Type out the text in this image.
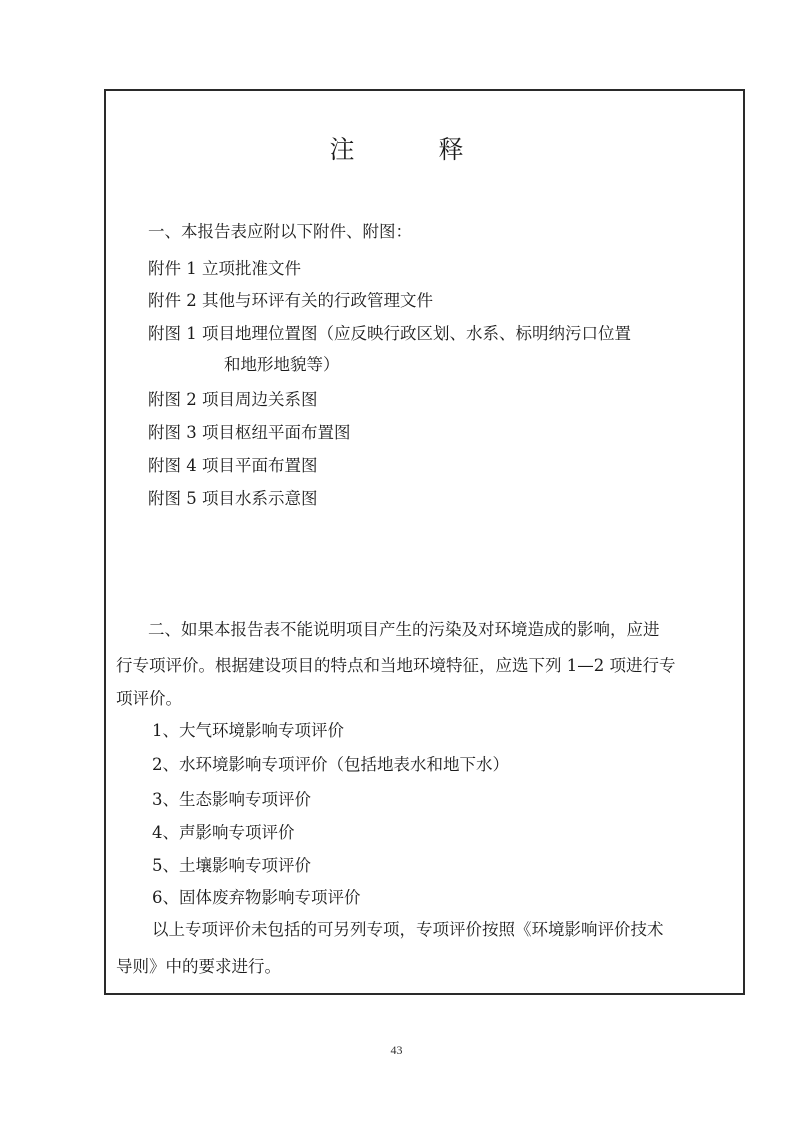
注	释
一、本报告表应附以下附件、附图：
附件 1 立项批准文件
附件 2 其他与环评有关的行政管理文件
附图 1 项目地理位置图（应反映行政区划、水系、标明纳污口位置
和地形地貌等）
附图 2 项目周边关系图
附图 3 项目枢纽平面布置图
附图 4 项目平面布置图
附图 5 项目水系示意图
二、如果本报告表不能说明项目产生的污染及对环境造成的影响，应进
行专项评价。根据建设项目的特点和当地环境特征，应选下列 1—2 项进行专
项评价。
1、大气环境影响专项评价
2、水环境影响专项评价（包括地表水和地下水）
3、生态影响专项评价
4、声影响专项评价
5、土壤影响专项评价
6、固体废弃物影响专项评价
以上专项评价未包括的可另列专项，专项评价按照《环境影响评价技术
导则》中的要求进行。
43
